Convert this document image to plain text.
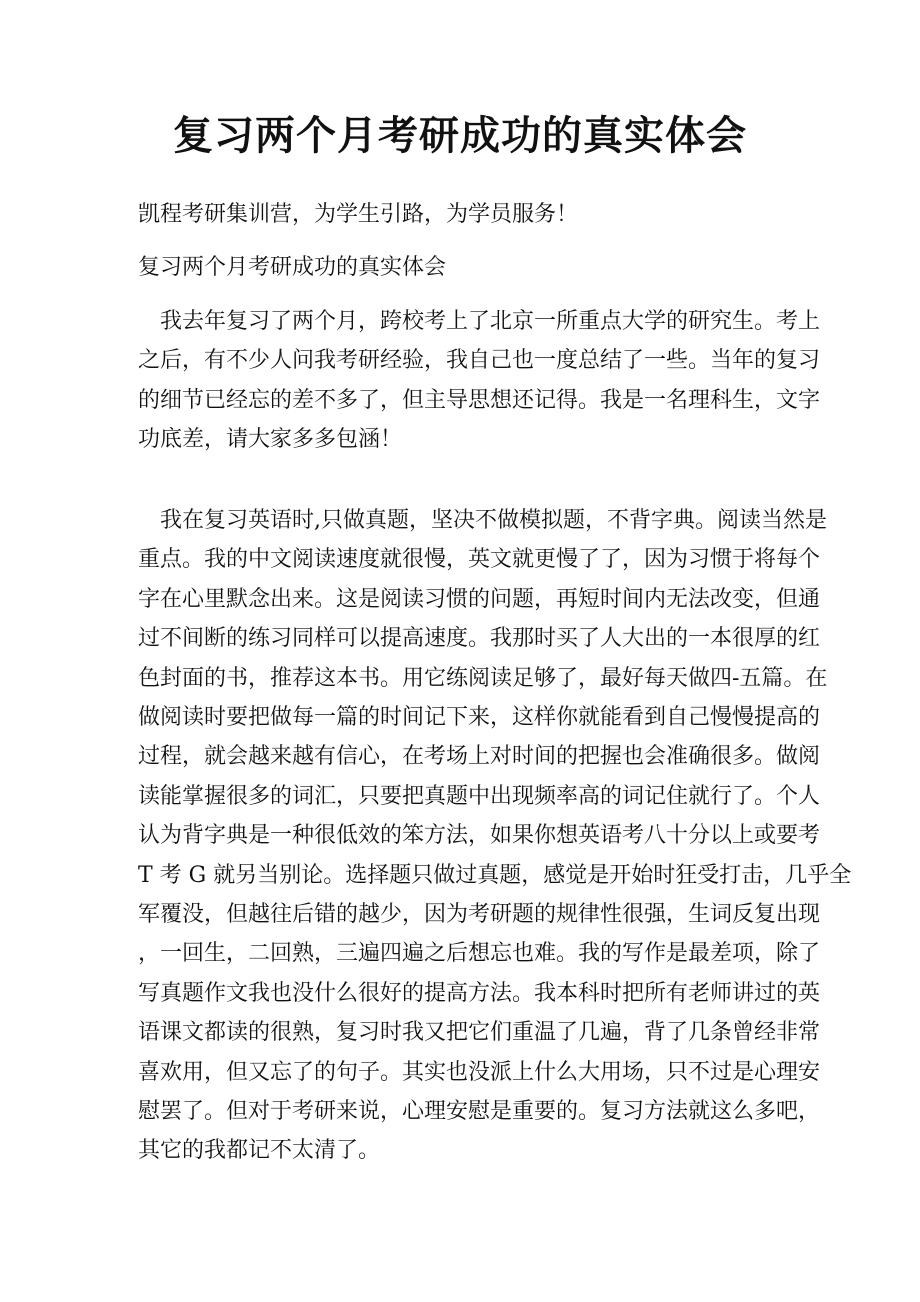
复习两个月考研成功的真实体会
凯程考研集训营，为学生引路，为学员服务！
复习两个月考研成功的真实体会
我去年复习了两个月，跨校考上了北京一所重点大学的研究生。考上
之后，有不少人问我考研经验，我自己也一度总结了一些。当年的复习
的细节已经忘的差不多了，但主导思想还记得。我是一名理科生，文字
功底差，请大家多多包涵！
我在复习英语时,只做真题，坚决不做模拟题，不背字典。阅读当然是
重点。我的中文阅读速度就很慢，英文就更慢了了，因为习惯于将每个
字在心里默念出来。这是阅读习惯的问题，再短时间内无法改变，但通
过不间断的练习同样可以提高速度。我那时买了人大出的一本很厚的红
色封面的书，推荐这本书。用它练阅读足够了，最好每天做四-五篇。在
做阅读时要把做每一篇的时间记下来，这样你就能看到自己慢慢提高的
过程，就会越来越有信心，在考场上对时间的把握也会准确很多。做阅
读能掌握很多的词汇，只要把真题中出现频率高的词记住就行了。个人
认为背字典是一种很低效的笨方法，如果你想英语考八十分以上或要考
T 考 G 就另当别论。选择题只做过真题，感觉是开始时狂受打击，几乎全
军覆没，但越往后错的越少，因为考研题的规律性很强，生词反复出现
，一回生，二回熟，三遍四遍之后想忘也难。我的写作是最差项，除了
写真题作文我也没什么很好的提高方法。我本科时把所有老师讲过的英
语课文都读的很熟，复习时我又把它们重温了几遍，背了几条曾经非常
喜欢用，但又忘了的句子。其实也没派上什么大用场，只不过是心理安
慰罢了。但对于考研来说，心理安慰是重要的。复习方法就这么多吧，
其它的我都记不太清了。
